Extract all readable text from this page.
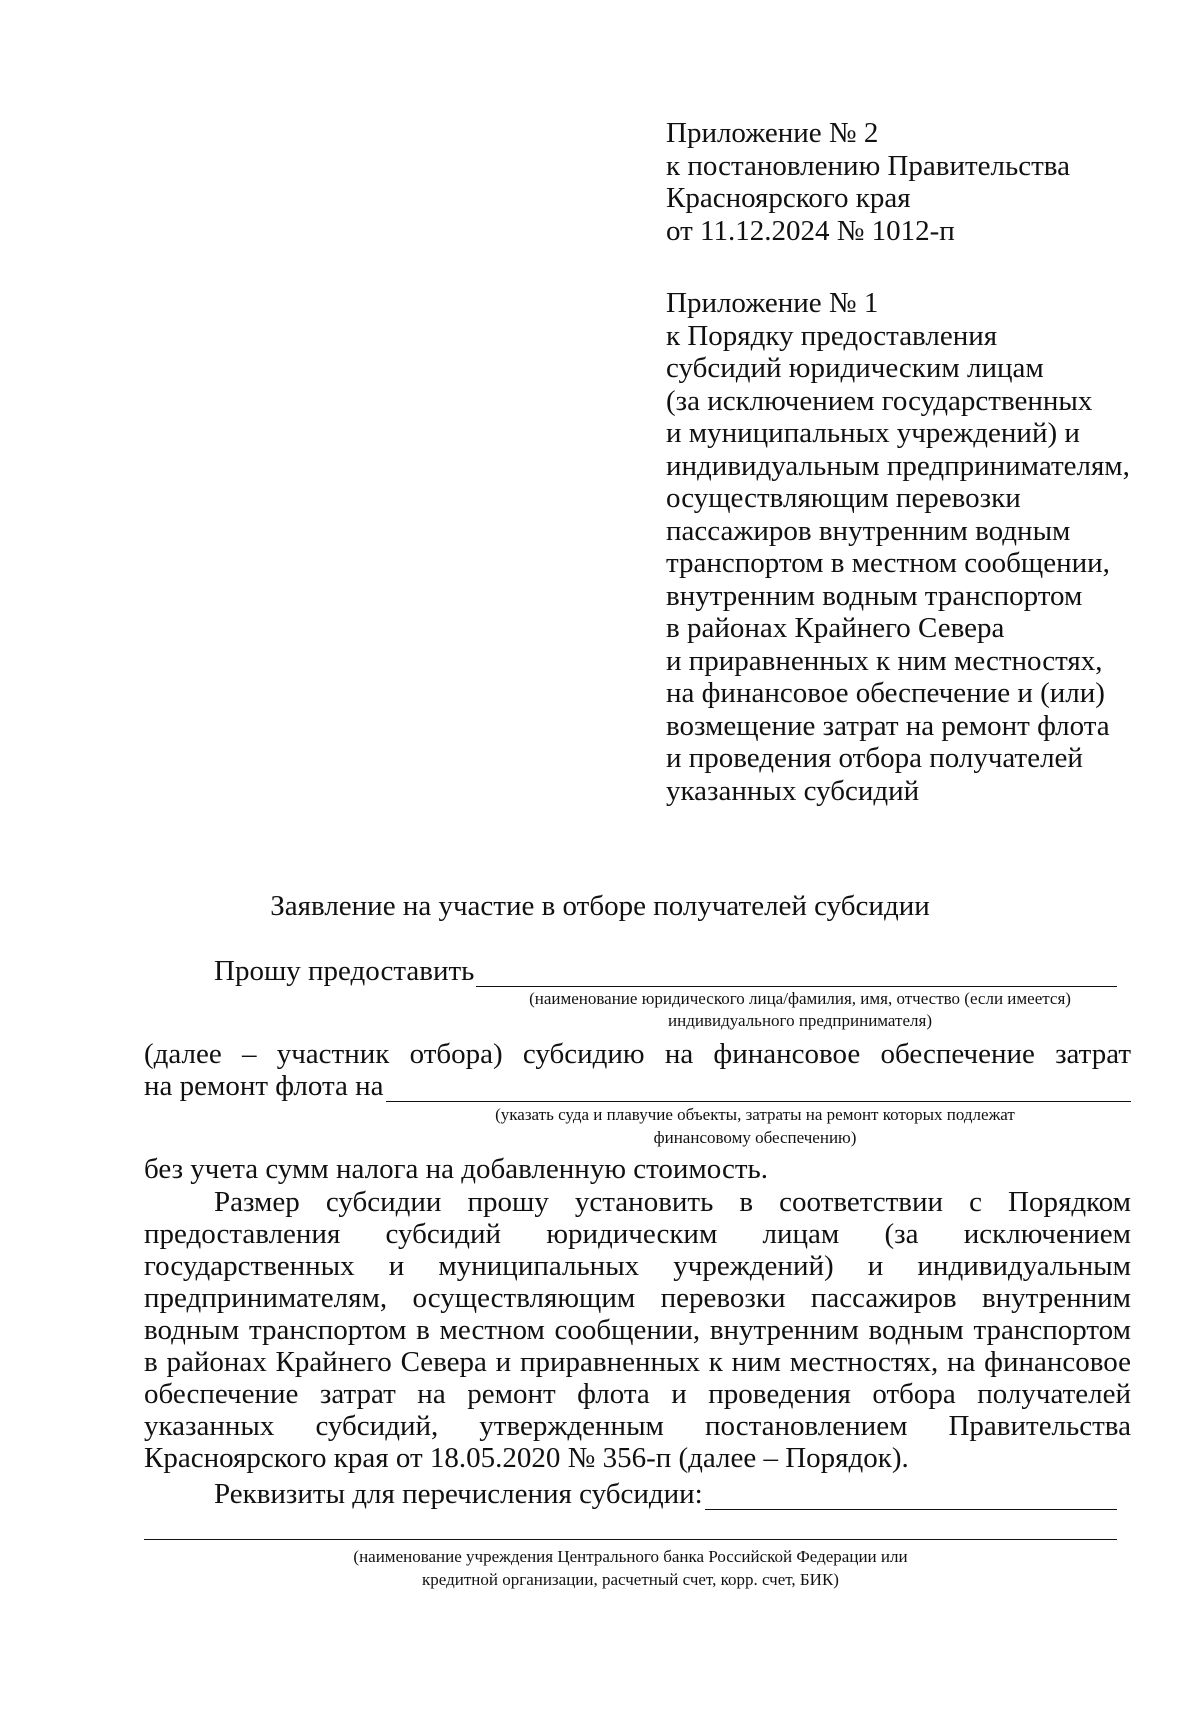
Приложение № 2
к постановлению Правительства
Красноярского края
от 11.12.2024 № 1012-п
Приложение № 1
к Порядку предоставления
субсидий юридическим лицам
(за исключением государственных
и муниципальных учреждений) и
индивидуальным предпринимателям,
осуществляющим перевозки
пассажиров внутренним водным
транспортом в местном сообщении,
внутренним водным транспортом
в районах Крайнего Севера
и приравненных к ним местностях,
на финансовое обеспечение и (или)
возмещение затрат на ремонт флота
и проведения отбора получателей
указанных субсидий
Заявление на участие в отборе получателей субсидии
Прошу предоставить
(наименование юридического лица/фамилия, имя, отчество (если имеется)
индивидуального предпринимателя)
(далее – участник отбора) субсидию на финансовое обеспечение затрат
на ремонт флота на
(указать суда и плавучие объекты, затраты на ремонт которых подлежат
финансовому обеспечению)
без учета сумм налога на добавленную стоимость.
Размер субсидии прошу установить в соответствии с Порядком
предоставления субсидий юридическим лицам (за исключением
государственных и муниципальных учреждений) и индивидуальным
предпринимателям, осуществляющим перевозки пассажиров внутренним
водным транспортом в местном сообщении, внутренним водным транспортом
в районах Крайнего Севера и приравненных к ним местностях, на финансовое
обеспечение затрат на ремонт флота и проведения отбора получателей
указанных субсидий, утвержденным постановлением Правительства
Красноярского края от 18.05.2020 № 356-п (далее – Порядок).
Реквизиты для перечисления субсидии:
(наименование учреждения Центрального банка Российской Федерации или
кредитной организации, расчетный счет, корр. счет, БИК)
